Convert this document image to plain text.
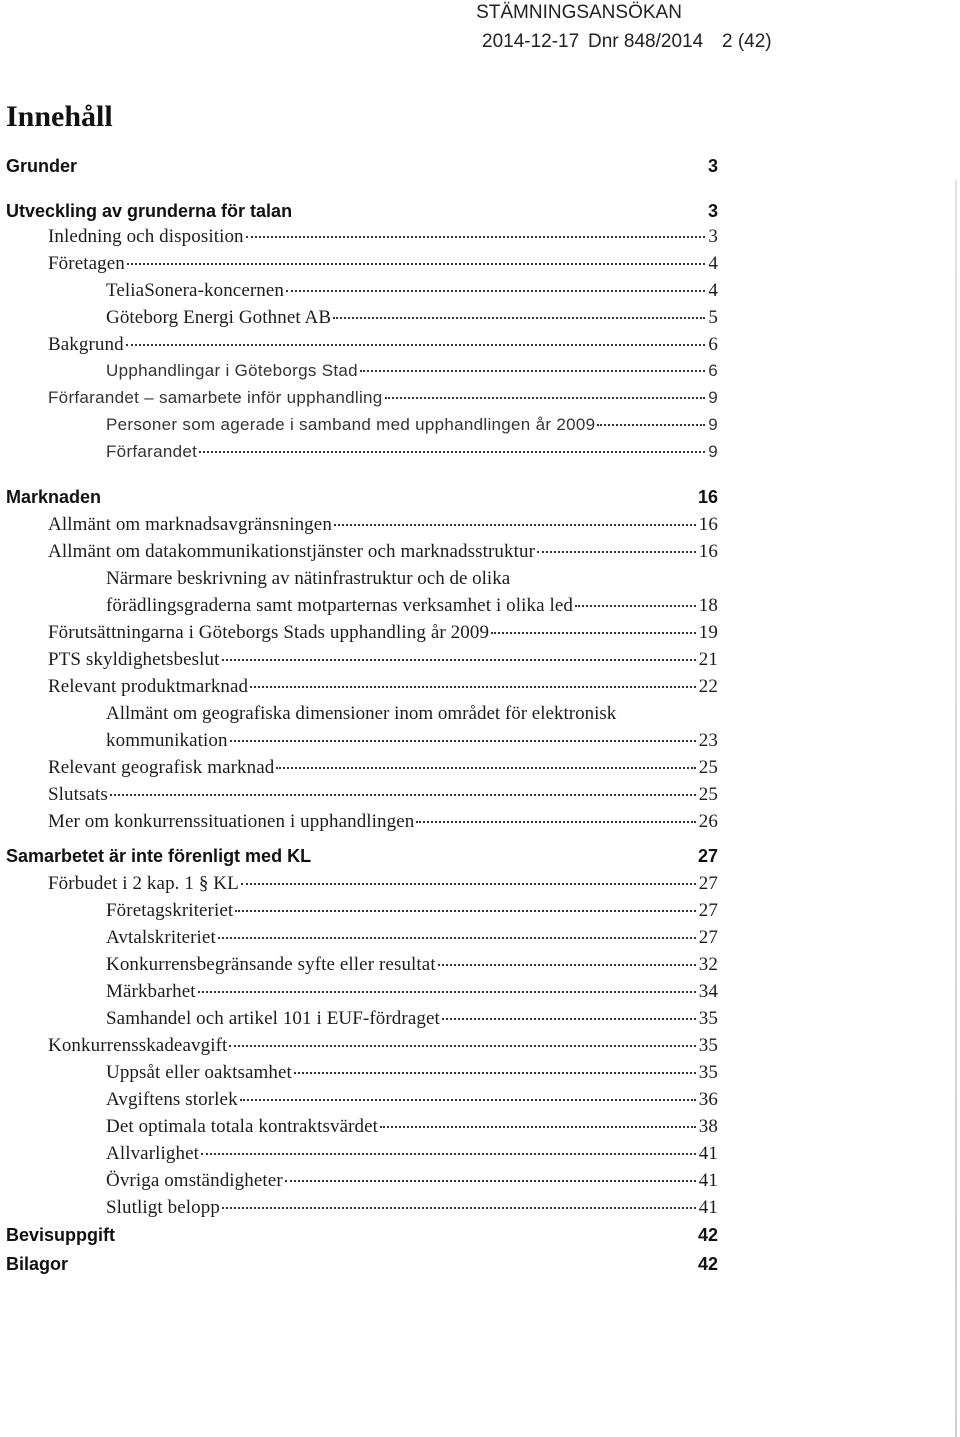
STÄMNINGSANSÖKAN
2014-12-17 Dnr 848/2014 2 (42)
Innehåll
Grunder	3
Utveckling av grunderna för talan	3
Inledning och disposition	3
Företagen	4
TeliaSonera-koncernen	4
Göteborg Energi Gothnet AB	5
Bakgrund	6
Upphandlingar i Göteborgs Stad	6
Förfarandet – samarbete inför upphandling	9
Personer som agerade i samband med upphandlingen år 2009	9
Förfarandet	9
Marknaden	16
Allmänt om marknadsavgränsningen	16
Allmänt om datakommunikationstjänster och marknadsstruktur	16
Närmare beskrivning av nätinfrastruktur och de olika
förädlingsgraderna samt motparternas verksamhet i olika led	18
Förutsättningarna i Göteborgs Stads upphandling år 2009	19
PTS skyldighetsbeslut	21
Relevant produktmarknad	22
Allmänt om geografiska dimensioner inom området för elektronisk
kommunikation	23
Relevant geografisk marknad	25
Slutsats	25
Mer om konkurrenssituationen i upphandlingen	26
Samarbetet är inte förenligt med KL	27
Förbudet i 2 kap. 1 § KL	27
Företagskriteriet	27
Avtalskriteriet	27
Konkurrensbegränsande syfte eller resultat	32
Märkbarhet	34
Samhandel och artikel 101 i EUF-fördraget	35
Konkurrensskadeavgift	35
Uppsåt eller oaktsamhet	35
Avgiftens storlek	36
Det optimala totala kontraktsvärdet	38
Allvarlighet	41
Övriga omständigheter	41
Slutligt belopp	41
Bevisuppgift	42
Bilagor	42
